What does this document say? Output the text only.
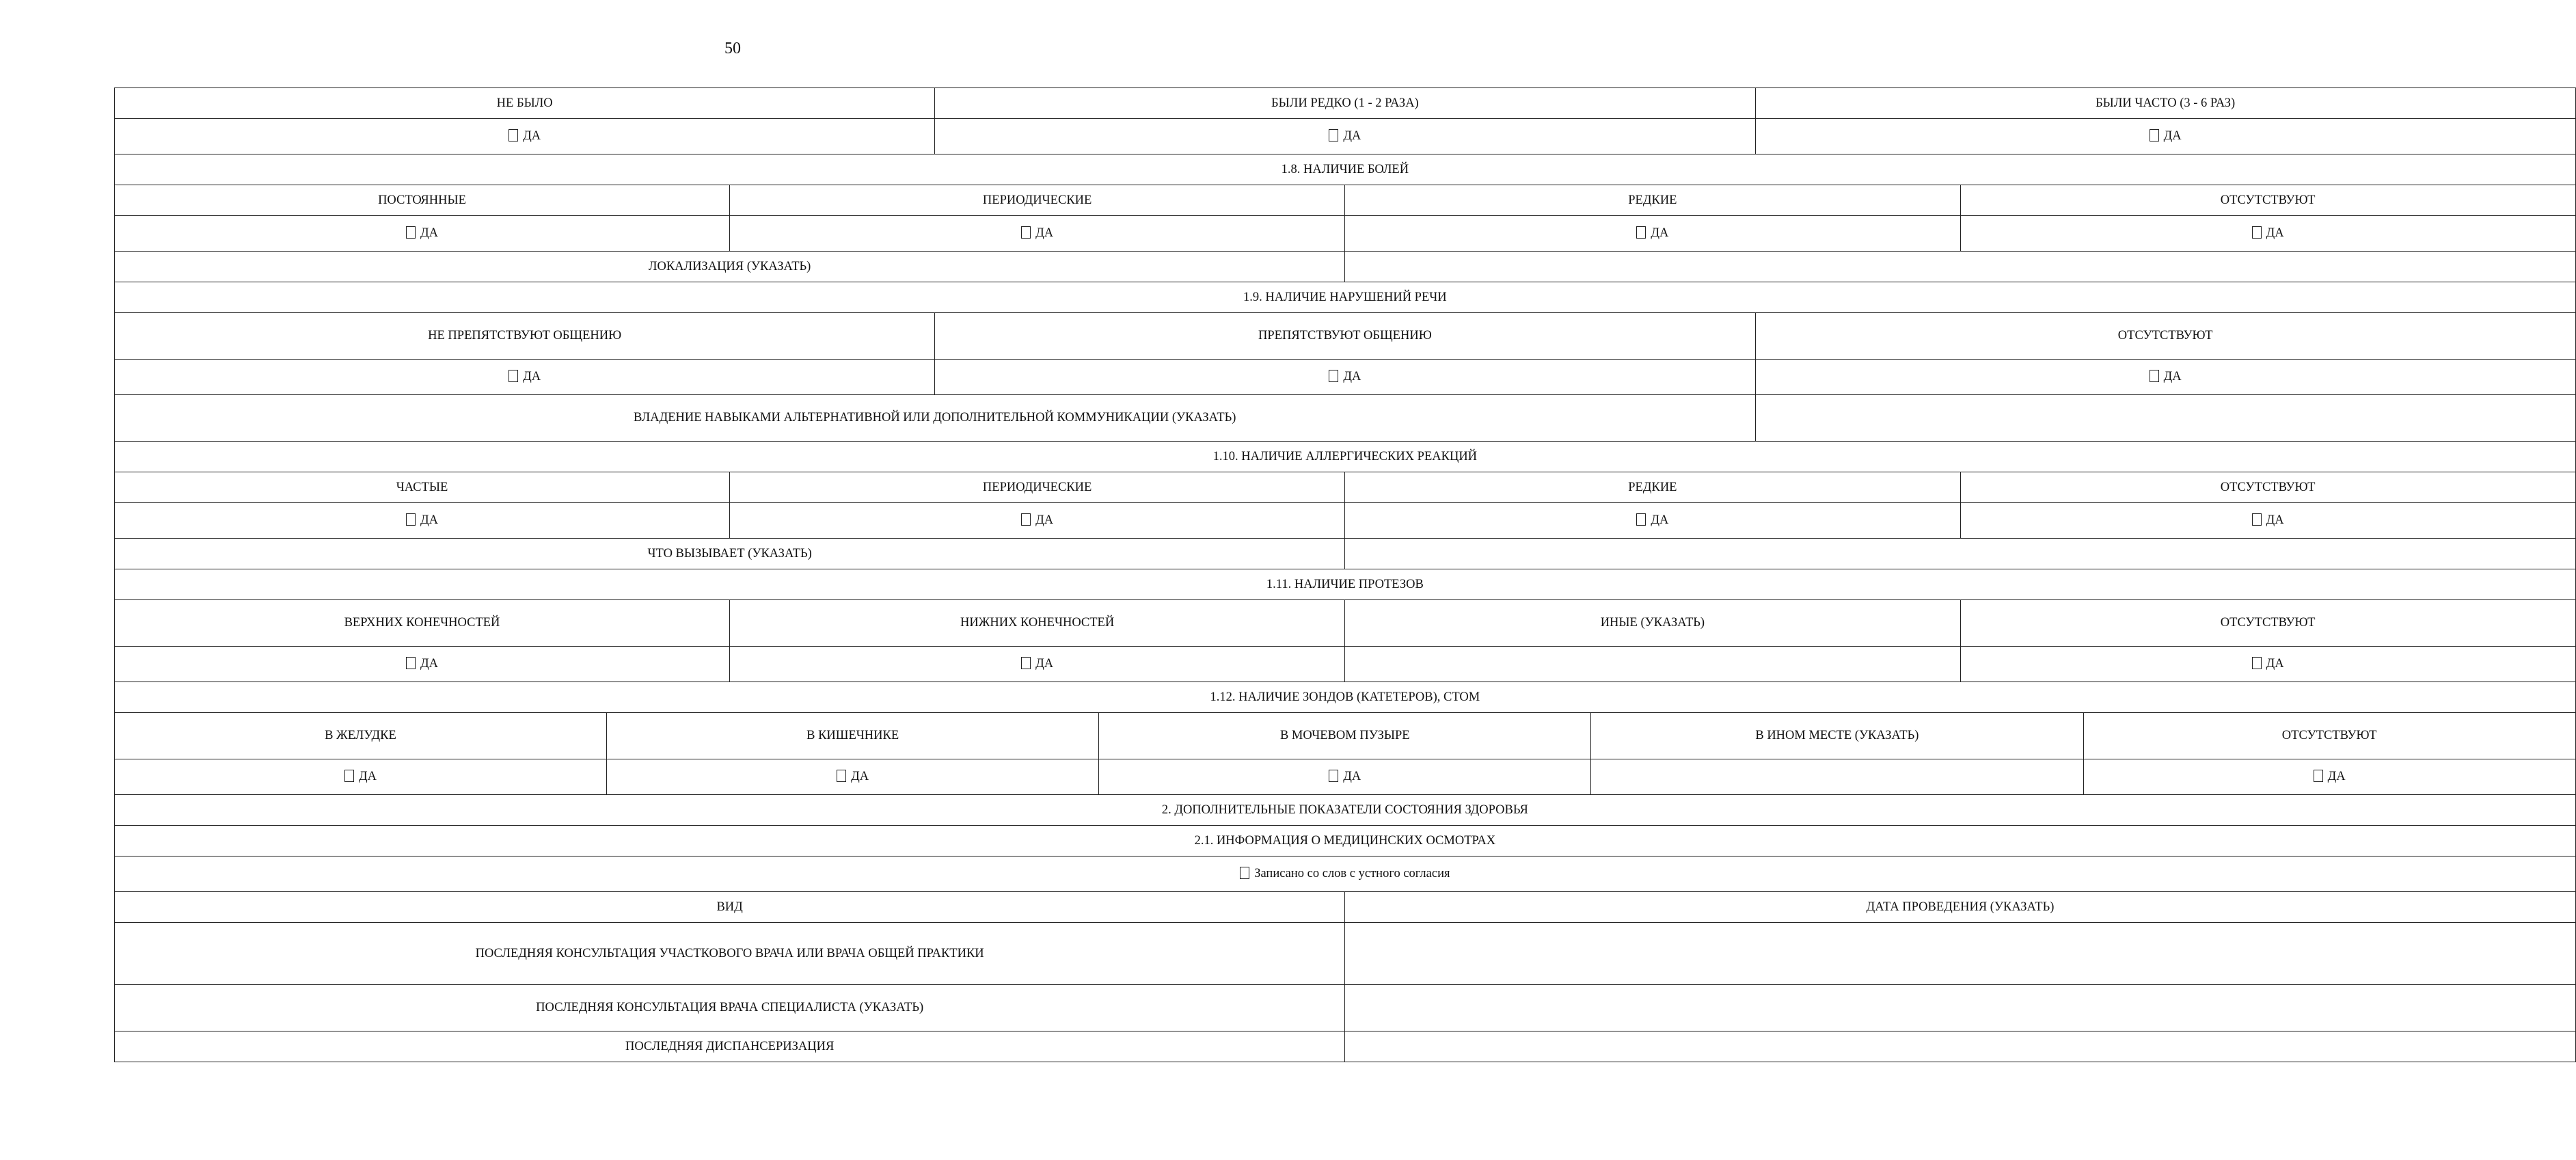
50
НЕ БЫЛО			БЫЛИ РЕДКО (1 - 2 РАЗА)				БЫЛИ ЧАСТО (3 - 6 РАЗ)		
ДА			ДА				ДА		
1.8. НАЛИЧИЕ БОЛЕЙ									
ПОСТОЯННЫЕ		ПЕРИОДИЧЕСКИЕ			РЕДКИЕ			ОТСУТСТВУЮТ	
ДА		ДА			ДА			ДА	
ЛОКАЛИЗАЦИЯ (УКАЗАТЬ)									
1.9. НАЛИЧИЕ НАРУШЕНИЙ РЕЧИ									
НЕ ПРЕПЯТСТВУЮТ ОБЩЕНИЮ			ПРЕПЯТСТВУЮТ ОБЩЕНИЮ				ОТСУТСТВУЮТ		
ДА			ДА				ДА		
ВЛАДЕНИЕ НАВЫКАМИ АЛЬТЕРНАТИВНОЙ ИЛИ ДОПОЛНИТЕЛЬНОЙ КОММУНИКАЦИИ (УКАЗАТЬ)									
1.10. НАЛИЧИЕ АЛЛЕРГИЧЕСКИХ РЕАКЦИЙ									
ЧАСТЫЕ		ПЕРИОДИЧЕСКИЕ			РЕДКИЕ			ОТСУТСТВУЮТ	
ДА		ДА			ДА			ДА	
ЧТО ВЫЗЫВАЕТ (УКАЗАТЬ)									
1.11. НАЛИЧИЕ ПРОТЕЗОВ									
ВЕРХНИХ КОНЕЧНОСТЕЙ		НИЖНИХ КОНЕЧНОСТЕЙ			ИНЫЕ (УКАЗАТЬ)			ОТСУТСТВУЮТ	
ДА		ДА						ДА	
1.12. НАЛИЧИЕ ЗОНДОВ (КАТЕТЕРОВ), СТОМ									
В ЖЕЛУДКЕ	В КИШЕЧНИКЕ			В МОЧЕВОМ ПУЗЫРЕ		В ИНОМ МЕСТЕ (УКАЗАТЬ)			ОТСУТСТВУЮТ
ДА	ДА			ДА					ДА
2. ДОПОЛНИТЕЛЬНЫЕ ПОКАЗАТЕЛИ СОСТОЯНИЯ ЗДОРОВЬЯ									
2.1. ИНФОРМАЦИЯ О МЕДИЦИНСКИХ ОСМОТРАХ									
Записано со слов с устного согласия									
ВИД					ДАТА ПРОВЕДЕНИЯ (УКАЗАТЬ)				
ПОСЛЕДНЯЯ КОНСУЛЬТАЦИЯ УЧАСТКОВОГО ВРАЧА ИЛИ ВРАЧА ОБЩЕЙ ПРАКТИКИ									
ПОСЛЕДНЯЯ КОНСУЛЬТАЦИЯ ВРАЧА СПЕЦИАЛИСТА (УКАЗАТЬ)									
ПОСЛЕДНЯЯ ДИСПАНСЕРИЗАЦИЯ									
